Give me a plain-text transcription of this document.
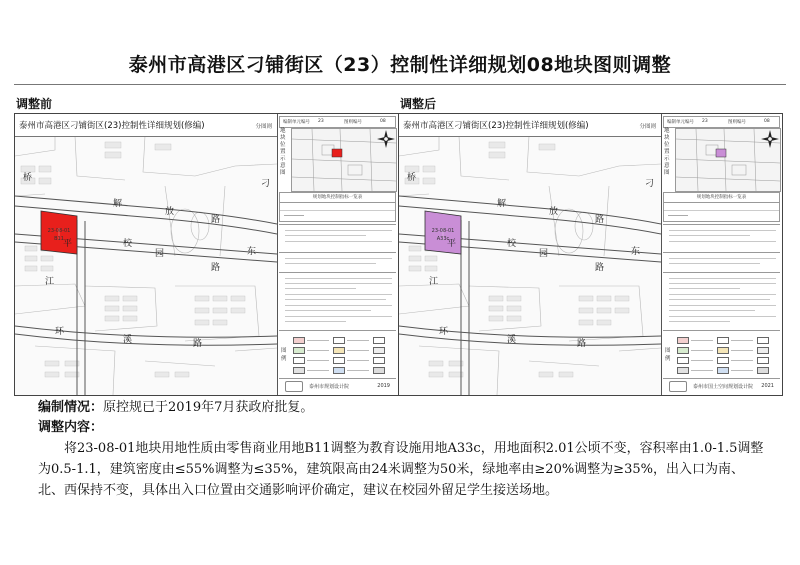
泰州市高港区刁铺街区（23）控制性详细规划08地块图则调整
调整前	调整后
泰州市高港区刁铺街区(23)控制性详细规划(修编)	分图则
23-08-01
B11
桥
刁
解
放
路
东
江
平
路
校
园
环
溪	路
编制单元编号 23	图则编号	08
地块位置示意图
规划地块控制指标一览表
图例
泰州市规划设计院	2019
泰州市高港区刁铺街区(23)控制性详细规划(修编)	分图则
23-08-01
A33c
桥
刁
解
放
路
东
江
平
路
校
园
环
溪	路
编制单元编号 23	图则编号	08
地块位置示意图
规划地块控制指标一览表
图例
泰州市国土空间规划设计院 2021
编制情况：原控规已于2019年7月获政府批复。
调整内容：

将23-08-01地块用地性质由零售商业用地B11调整为教育设施用地A33c，用地面积2.01公顷不变，容积率由1.0-1.5调整为0.5-1.1，建筑密度由≤55%调整为≤35%，建筑限高由24米调整为50米，绿地率由≥20%调整为≥35%，出入口为南、北、西保持不变，具体出入口位置由交通影响评价确定，建议在校园外留足学生接送场地。
